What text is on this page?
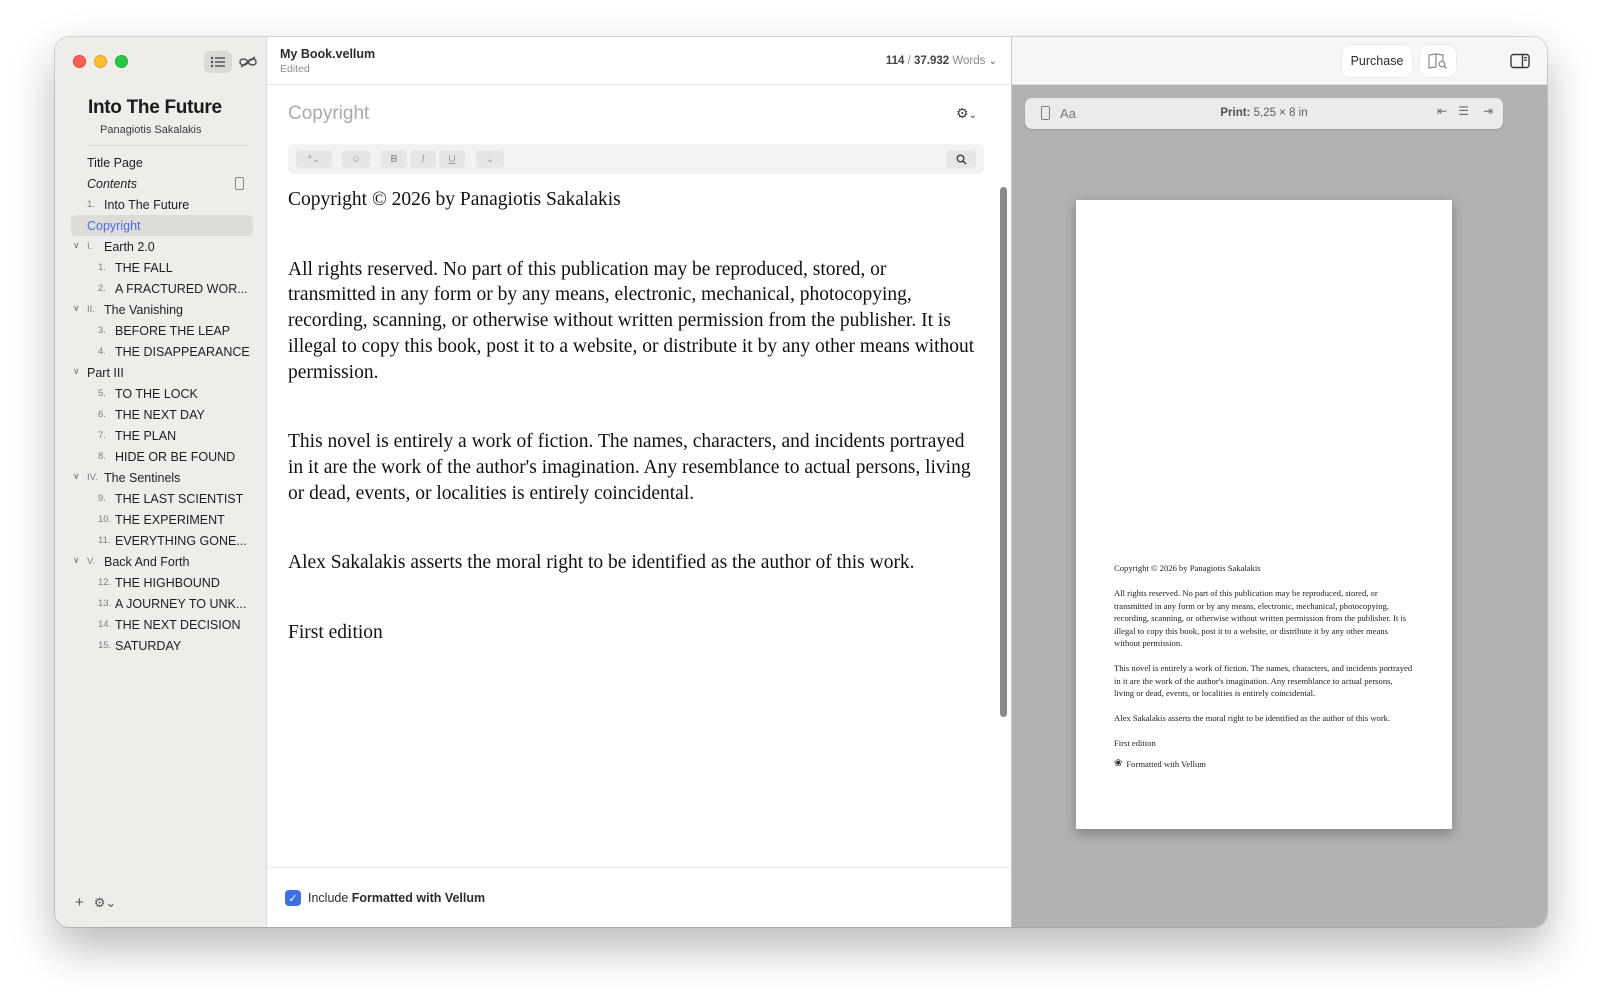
Into The Future
Panagiotis Sakalakis
Title Page
Contents
1. Into The Future
Copyright
∨ I. Earth 2.0
1. THE FALL
2. A FRACTURED WOR...
∨ II. The Vanishing
3. BEFORE THE LEAP
4. THE DISAPPEARANCE
∨ Part III
5. TO THE LOCK
6. THE NEXT DAY
7. THE PLAN
8. HIDE OR BE FOUND
∨ IV. The Sentinels
9. THE LAST SCIENTIST
10. THE EXPERIMENT
11. EVERYTHING GONE...
∨ V. Back And Forth
12. THE HIGHBOUND
13. A JOURNEY TO UNK...
14. THE NEXT DECISION
15. SATURDAY
+ ⚙︎⌄
My Book.vellum
Edited
114 / 37.932 Words ⌄
Copyright	⚙︎⌄
*⌄	☺	B	I	U	⌄

Copyright © 2026 by Panagiotis Sakalakis

All rights reserved. No part of this publication may be reproduced, stored, or transmitted in any form or by any means, electronic, mechanical, photocopying, recording, scanning, or otherwise without written permission from the publisher. It is illegal to copy this book, post it to a website, or distribute it by any other means without permission.

This novel is entirely a work of fiction. The names, characters, and incidents portrayed in it are the work of the author's imagination. Any resemblance to actual persons, living or dead, events, or localities is entirely coincidental.

Alex Sakalakis asserts the moral right to be identified as the author of this work.

First edition

✓ Include Formatted with Vellum
Purchase
Aa	Print: 5,25 × 8 in	⇤ ☰ ⇥

Copyright © 2026 by Panagiotis Sakalakis

All rights reserved. No part of this publication may be reproduced, stored, or transmitted in any form or by any means, electronic, mechanical, photocopying, recording, scanning, or otherwise without written permission from the publisher. It is illegal to copy this book, post it to a website, or distribute it by any other means without permission.

This novel is entirely a work of fiction. The names, characters, and incidents portrayed in it are the work of the author's imagination. Any resemblance to actual persons, living or dead, events, or localities is entirely coincidental.

Alex Sakalakis asserts the moral right to be identified as the author of this work.

First edition

❀ Formatted with Vellum
